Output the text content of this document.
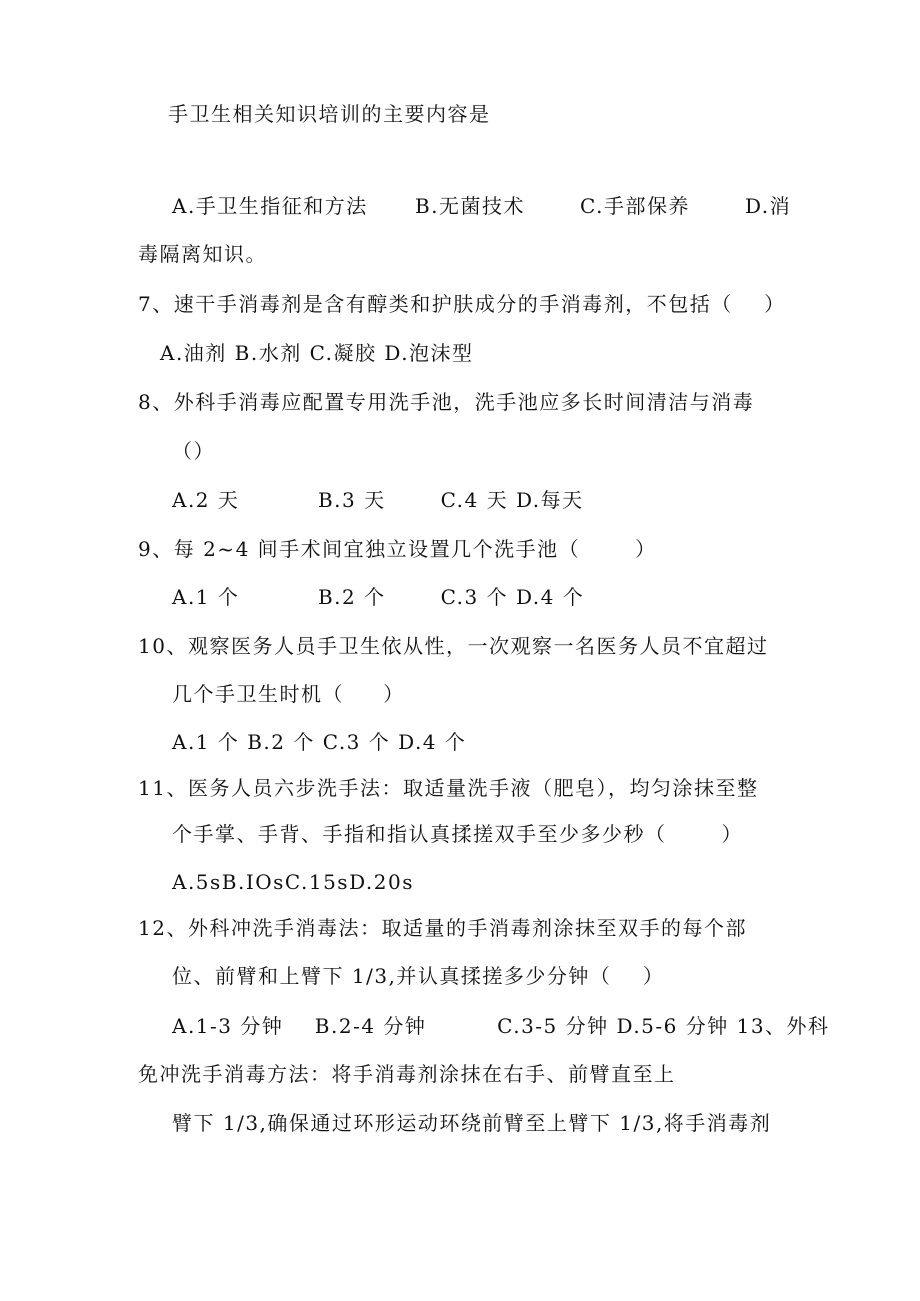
手卫生相关知识培训的主要内容是
A.手卫生指征和方法      B.无菌技术       C.手部保养       D.消
毒隔离知识。
7、速干手消毒剂是含有醇类和护肤成分的手消毒剂，不包括（    ）
A.油剂 B.水剂 C.凝胶 D.泡沫型
8、外科手消毒应配置专用洗手池，洗手池应多长时间清洁与消毒
（）
A.2 天          B.3 天       C.4 天 D.每天
9、每 2~4 间手术间宜独立设置几个洗手池（       ）
A.1 个          B.2 个       C.3 个 D.4 个
10、观察医务人员手卫生依从性，一次观察一名医务人员不宜超过
几个手卫生时机（     ）
A.1 个 B.2 个 C.3 个 D.4 个
11、医务人员六步洗手法：取适量洗手液（肥皂），均匀涂抹至整
个手掌、手背、手指和指认真揉搓双手至少多少秒（       ）
A.5sB.IOsC.15sD.20s
12、外科冲洗手消毒法：取适量的手消毒剂涂抹至双手的每个部
位、前臂和上臂下 1/3,并认真揉搓多少分钟（    ）
A.1-3 分钟    B.2-4 分钟         C.3-5 分钟 D.5-6 分钟 13、外科
免冲洗手消毒方法：将手消毒剂涂抹在右手、前臂直至上
臂下 1/3,确保通过环形运动环绕前臂至上臂下 1/3,将手消毒剂
